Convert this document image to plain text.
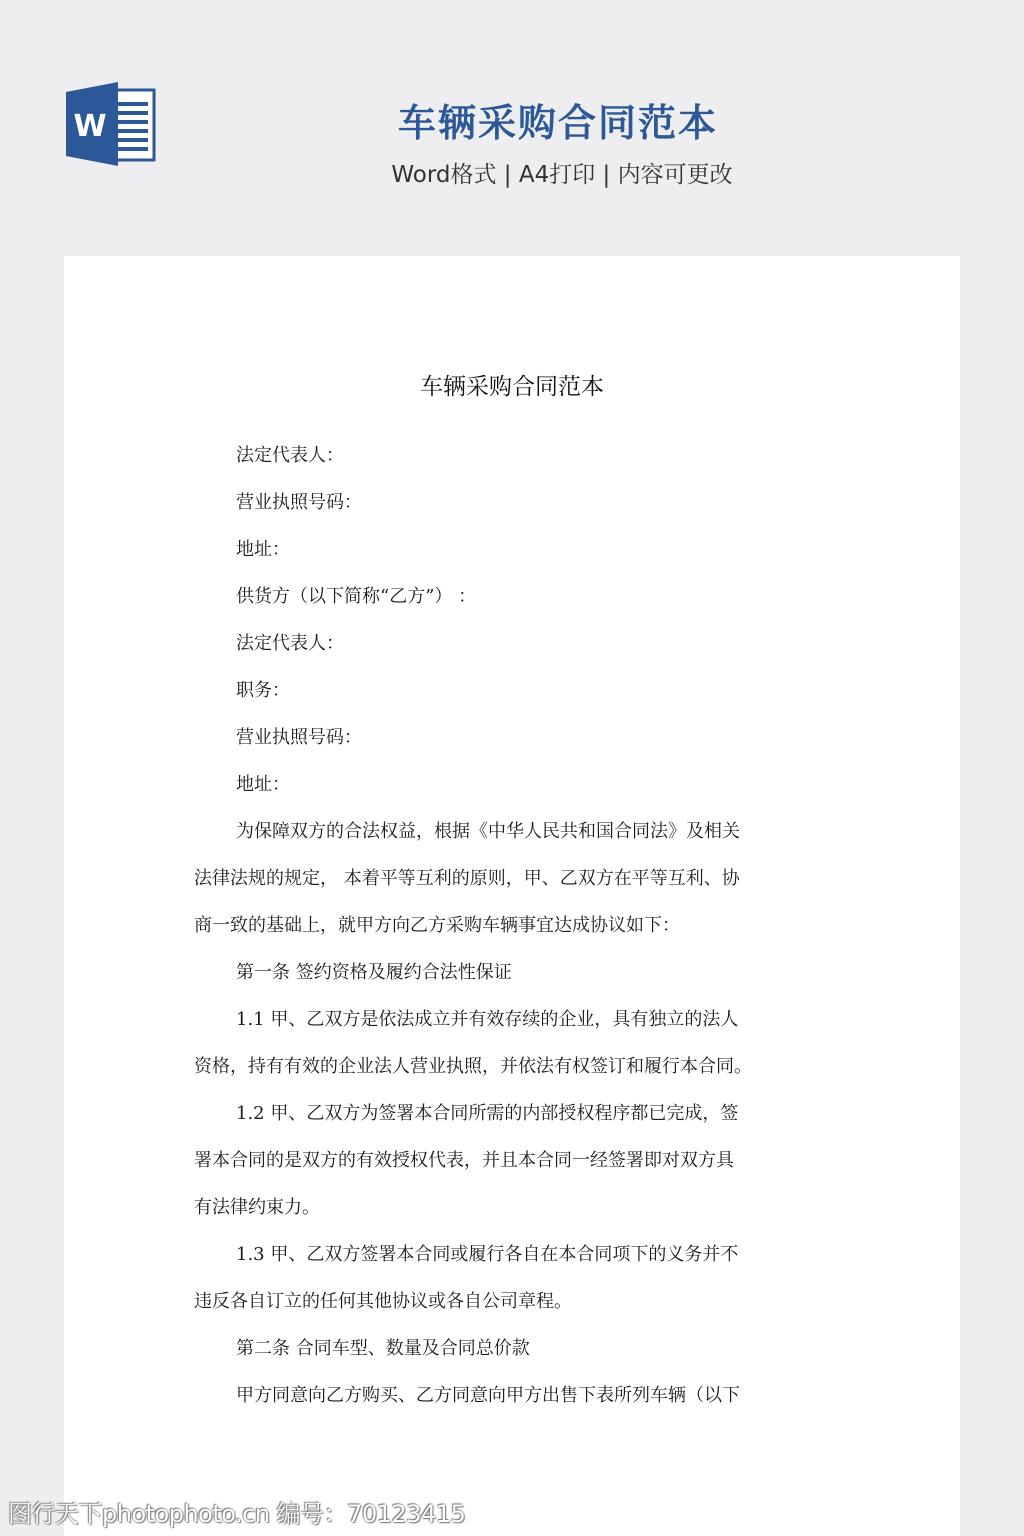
W	车辆采购合同范本
Word格式 | A4打印 | 内容可更改
车辆采购合同范本
法定代表人：
营业执照号码：
地址：
供货方（以下简称“乙方”） ：
法定代表人：
职务：
营业执照号码：
地址：
为保障双方的合法权益，根据《中华人民共和国合同法》及相关
法律法规的规定， 本着平等互利的原则，甲、乙双方在平等互利、协
商一致的基础上，就甲方向乙方采购车辆事宜达成协议如下：
第一条 签约资格及履约合法性保证
1.1 甲、乙双方是依法成立并有效存续的企业，具有独立的法人
资格，持有有效的企业法人营业执照，并依法有权签订和履行本合同。
1.2 甲、乙双方为签署本合同所需的内部授权程序都已完成，签
署本合同的是双方的有效授权代表，并且本合同一经签署即对双方具
有法律约束力。
1.3 甲、乙双方签署本合同或履行各自在本合同项下的义务并不
违反各自订立的任何其他协议或各自公司章程。
第二条 合同车型、数量及合同总价款
甲方同意向乙方购买、乙方同意向甲方出售下表所列车辆（以下
图行天下photophoto.cn 编号：70123415
